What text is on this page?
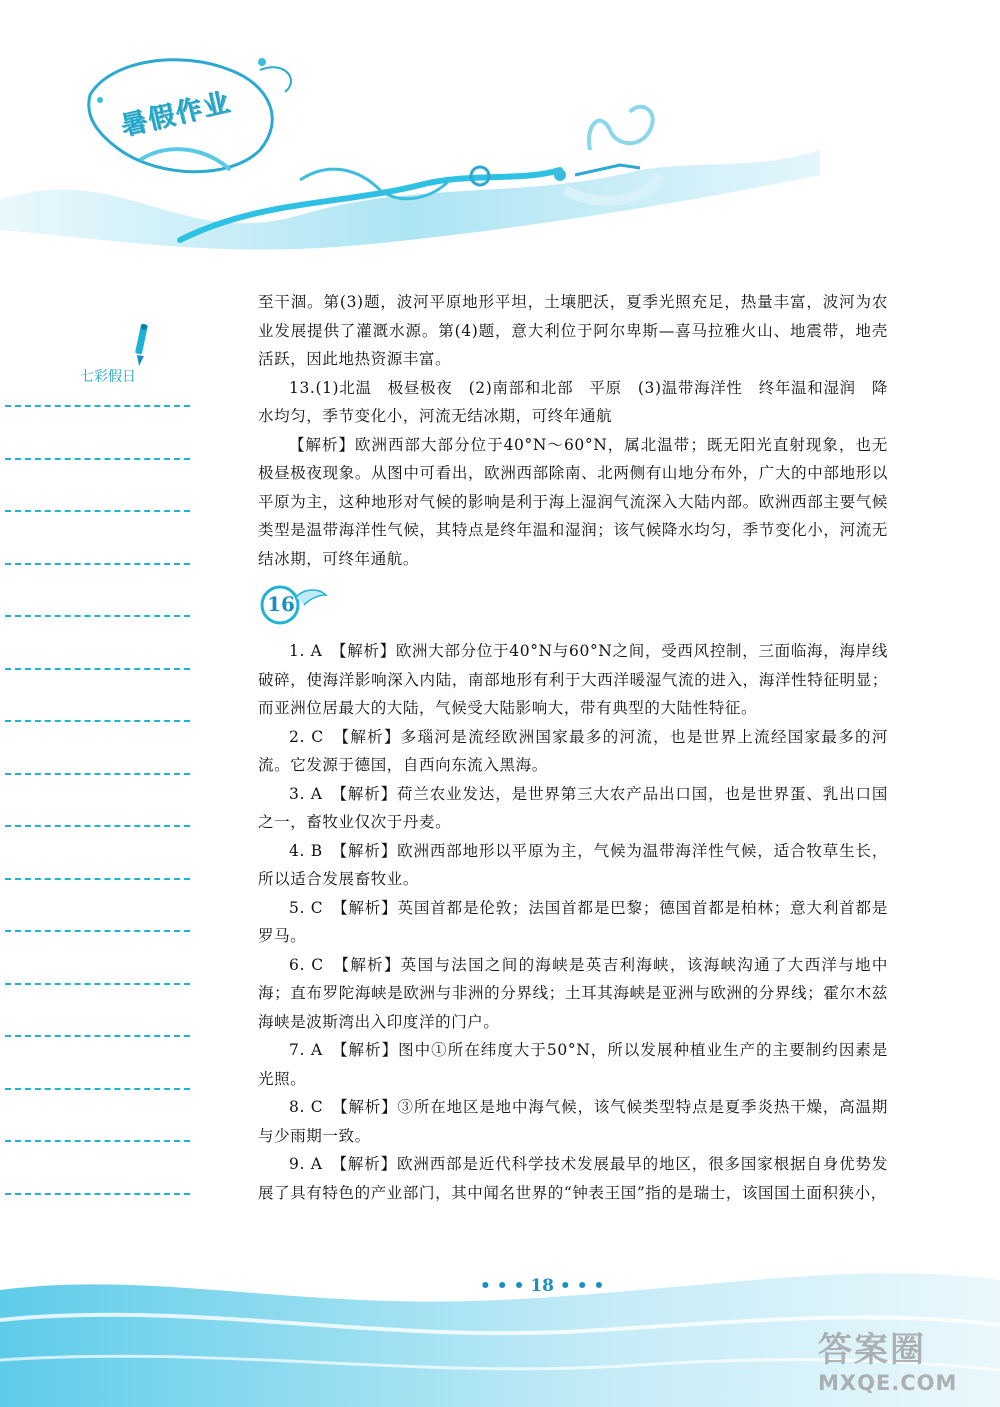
暑假作业
七彩假日

至干涸。第(3)题，波河平原地形平坦，土壤肥沃，夏季光照充足，热量丰富，波河为农业发展提供了灌溉水源。第(4)题，意大利位于阿尔卑斯—喜马拉雅火山、地震带，地壳活跃，因此地热资源丰富。

13.(1)北温　极昼极夜　(2)南部和北部　平原　(3)温带海洋性　终年温和湿润　降水均匀，季节变化小，河流无结冰期，可终年通航

【解析】欧洲西部大部分位于40°N～60°N，属北温带；既无阳光直射现象，也无极昼极夜现象。从图中可看出，欧洲西部除南、北两侧有山地分布外，广大的中部地形以平原为主，这种地形对气候的影响是利于海上湿润气流深入大陆内部。欧洲西部主要气候类型是温带海洋性气候，其特点是终年温和湿润；该气候降水均匀，季节变化小，河流无结冰期，可终年通航。

16

1. A　【解析】欧洲大部分位于40°N与60°N之间，受西风控制，三面临海，海岸线破碎，使海洋影响深入内陆，南部地形有利于大西洋暖湿气流的进入，海洋性特征明显；而亚洲位居最大的大陆，气候受大陆影响大，带有典型的大陆性特征。

2. C　【解析】多瑙河是流经欧洲国家最多的河流，也是世界上流经国家最多的河流。它发源于德国，自西向东流入黑海。

3. A　【解析】荷兰农业发达，是世界第三大农产品出口国，也是世界蛋、乳出口国之一，畜牧业仅次于丹麦。

4. B　【解析】欧洲西部地形以平原为主，气候为温带海洋性气候，适合牧草生长，所以适合发展畜牧业。

5. C　【解析】英国首都是伦敦；法国首都是巴黎；德国首都是柏林；意大利首都是罗马。

6. C　【解析】英国与法国之间的海峡是英吉利海峡，该海峡沟通了大西洋与地中海；直布罗陀海峡是欧洲与非洲的分界线；土耳其海峡是亚洲与欧洲的分界线；霍尔木兹海峡是波斯湾出入印度洋的门户。

7. A　【解析】图中①所在纬度大于50°N，所以发展种植业生产的主要制约因素是光照。

8. C　【解析】③所在地区是地中海气候，该气候类型特点是夏季炎热干燥，高温期与少雨期一致。

9. A　【解析】欧洲西部是近代科学技术发展最早的地区，很多国家根据自身优势发展了具有特色的产业部门，其中闻名世界的“钟表王国”指的是瑞士，该国国土面积狭小，

• • • 18 • • •
答案圈
MXQE.COM
